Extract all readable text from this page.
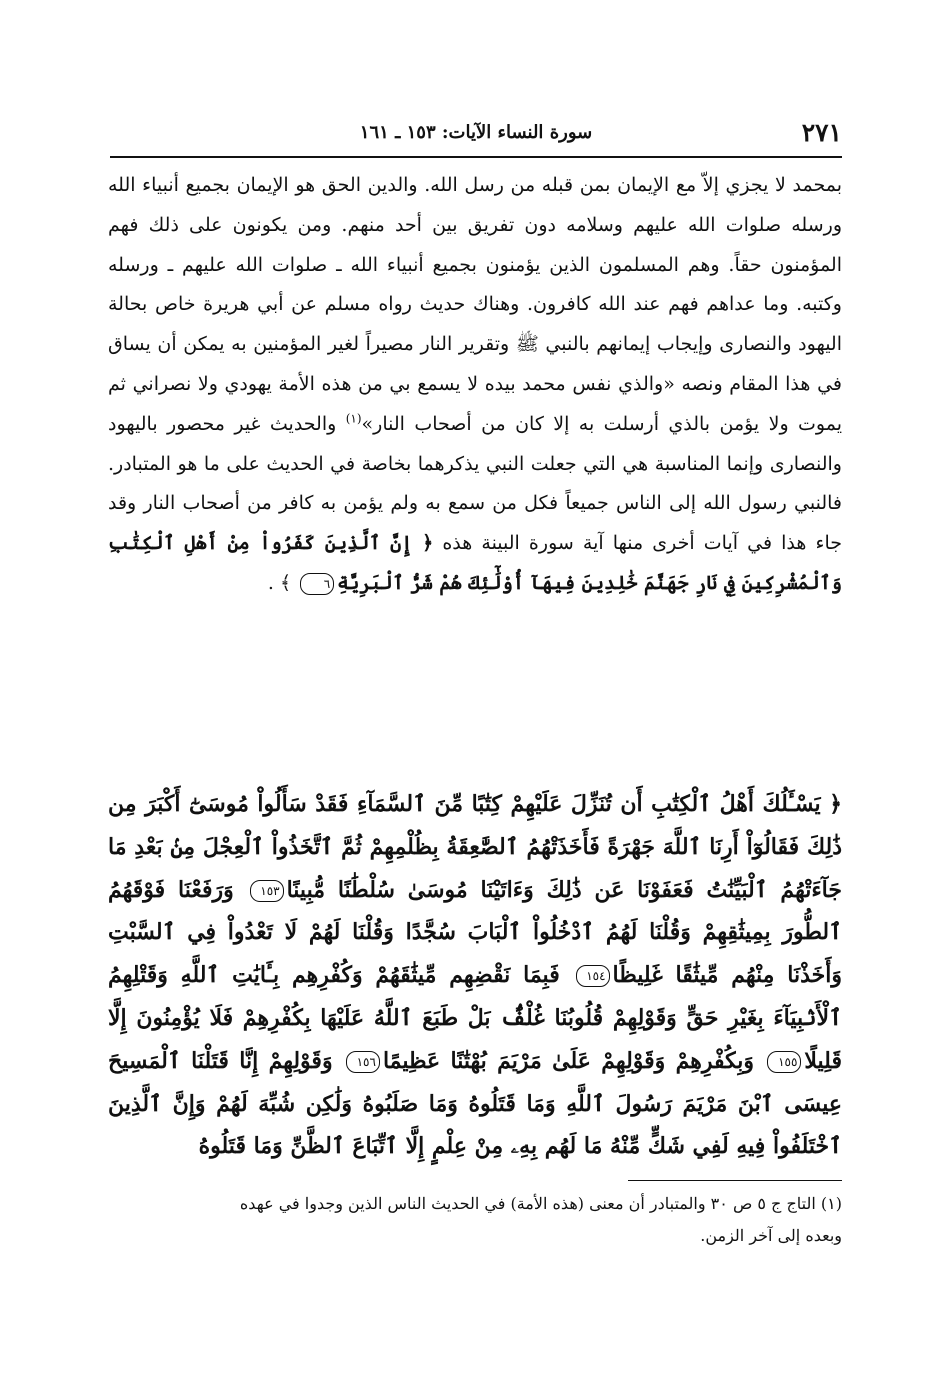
٢٧١
سورة النساء الآيات: ١٥٣ ـ ١٦١

بمحمد لا يجزي إلاّ مع الإيمان بمن قبله من رسل الله. والدين الحق هو الإيمان بجميع أنبياء الله ورسله صلوات الله عليهم وسلامه دون تفريق بين أحد منهم. ومن يكونون على ذلك فهم المؤمنون حقاً. وهم المسلمون الذين يؤمنون بجميع أنبياء الله ـ صلوات الله عليهم ـ ورسله وكتبه. وما عداهم فهم عند الله كافرون. وهناك حديث رواه مسلم عن أبي هريرة خاص بحالة اليهود والنصارى وإيجاب إيمانهم بالنبي ﷺ وتقرير النار مصيراً لغير المؤمنين به يمكن أن يساق في هذا المقام ونصه «والذي نفس محمد بيده لا يسمع بي من هذه الأمة يهودي ولا نصراني ثم يموت ولا يؤمن بالذي أرسلت به إلا كان من أصحاب النار»$^{(١)}$ والحديث غير محصور باليهود والنصارى وإنما المناسبة هي التي جعلت النبي يذكرهما بخاصة في الحديث على ما هو المتبادر. فالنبي رسول الله إلى الناس جميعاً فكل من سمع به ولم يؤمن به كافر من أصحاب النار وقد جاء هذا في آيات أخرى منها آية سورة البينة هذه ﴿ إِنَّ ٱلَّذِينَ كَفَرُواْ مِنْ أَهْلِ ٱلْكِتَٰبِ وَٱلْمُشْرِكِينَ فِي نَارِ جَهَنَّمَ خَٰلِدِينَ فِيهَآ أُوْلَٰٓئِكَ هُمْ شَرُّ ٱلْبَرِيَّةِ٦ ﴾ .

﴿ يَسْـَٔلُكَ أَهْلُ ٱلْكِتَٰبِ أَن تُنَزِّلَ عَلَيْهِمْ كِتَٰبًا مِّنَ ٱلسَّمَآءِ فَقَدْ سَأَلُواْ مُوسَىٰٓ أَكْبَرَ مِن ذَٰلِكَ فَقَالُوٓاْ أَرِنَا ٱللَّهَ جَهْرَةً فَأَخَذَتْهُمُ ٱلصَّٰعِقَةُ بِظُلْمِهِمْ ثُمَّ ٱتَّخَذُواْ ٱلْعِجْلَ مِنۢ بَعْدِ مَا جَآءَتْهُمُ ٱلْبَيِّنَٰتُ فَعَفَوْنَا عَن ذَٰلِكَ وَءَاتَيْنَا مُوسَىٰ سُلْطَٰنًا مُّبِينًا١٥٣ وَرَفَعْنَا فَوْقَهُمُ ٱلطُّورَ بِمِيثَٰقِهِمْ وَقُلْنَا لَهُمُ ٱدْخُلُواْ ٱلْبَابَ سُجَّدًا وَقُلْنَا لَهُمْ لَا تَعْدُواْ فِي ٱلسَّبْتِ وَأَخَذْنَا مِنْهُم مِّيثَٰقًا غَلِيظًا١٥٤ فَبِمَا نَقْضِهِم مِّيثَٰقَهُمْ وَكُفْرِهِم بِـَٔايَٰتِ ٱللَّهِ وَقَتْلِهِمُ ٱلْأَنۢبِيَآءَ بِغَيْرِ حَقٍّ وَقَوْلِهِمْ قُلُوبُنَا غُلْفٌۢ بَلْ طَبَعَ ٱللَّهُ عَلَيْهَا بِكُفْرِهِمْ فَلَا يُؤْمِنُونَ إِلَّا قَلِيلًا١٥٥ وَبِكُفْرِهِمْ وَقَوْلِهِمْ عَلَىٰ مَرْيَمَ بُهْتَٰنًا عَظِيمًا١٥٦ وَقَوْلِهِمْ إِنَّا قَتَلْنَا ٱلْمَسِيحَ عِيسَى ٱبْنَ مَرْيَمَ رَسُولَ ٱللَّهِ وَمَا قَتَلُوهُ وَمَا صَلَبُوهُ وَلَٰكِن شُبِّهَ لَهُمْ وَإِنَّ ٱلَّذِينَ ٱخْتَلَفُواْ فِيهِ لَفِي شَكٍّ مِّنْهُ مَا لَهُم بِهِۦ مِنْ عِلْمٍ إِلَّا ٱتِّبَاعَ ٱلظَّنِّ وَمَا قَتَلُوهُ

(١) التاج ج ٥ ص ٣٠ والمتبادر أن معنى (هذه الأمة) في الحديث الناس الذين وجدوا في عهده

وبعده إلى آخر الزمن.
